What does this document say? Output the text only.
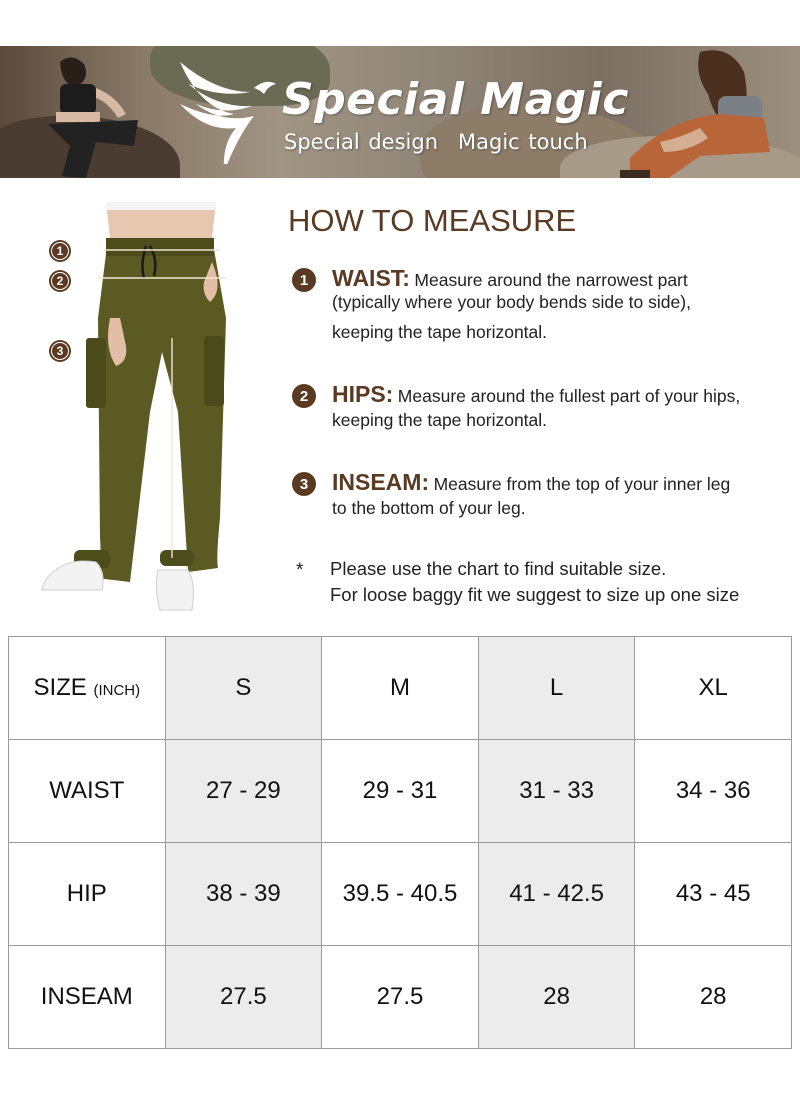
Special Magic
Special design Magic touch
1
2
3
HOW TO MEASURE
1	WAIST: Measure around the narrowest part
(typically where your body bends side to side),
keeping the tape horizontal.
2	HIPS: Measure around the fullest part of your hips,
keeping the tape horizontal.
3	INSEAM: Measure from the top of your inner leg
to the bottom of your leg.
* Please use the chart to find suitable size.
For loose baggy fit we suggest to size up one size
SIZE (INCH)	S	M	L	XL
WAIST	27 - 29	29 - 31	31 - 33	34 - 36
HIP	38 - 39	39.5 - 40.5	41 - 42.5	43 - 45
INSEAM	27.5	27.5	28	28
